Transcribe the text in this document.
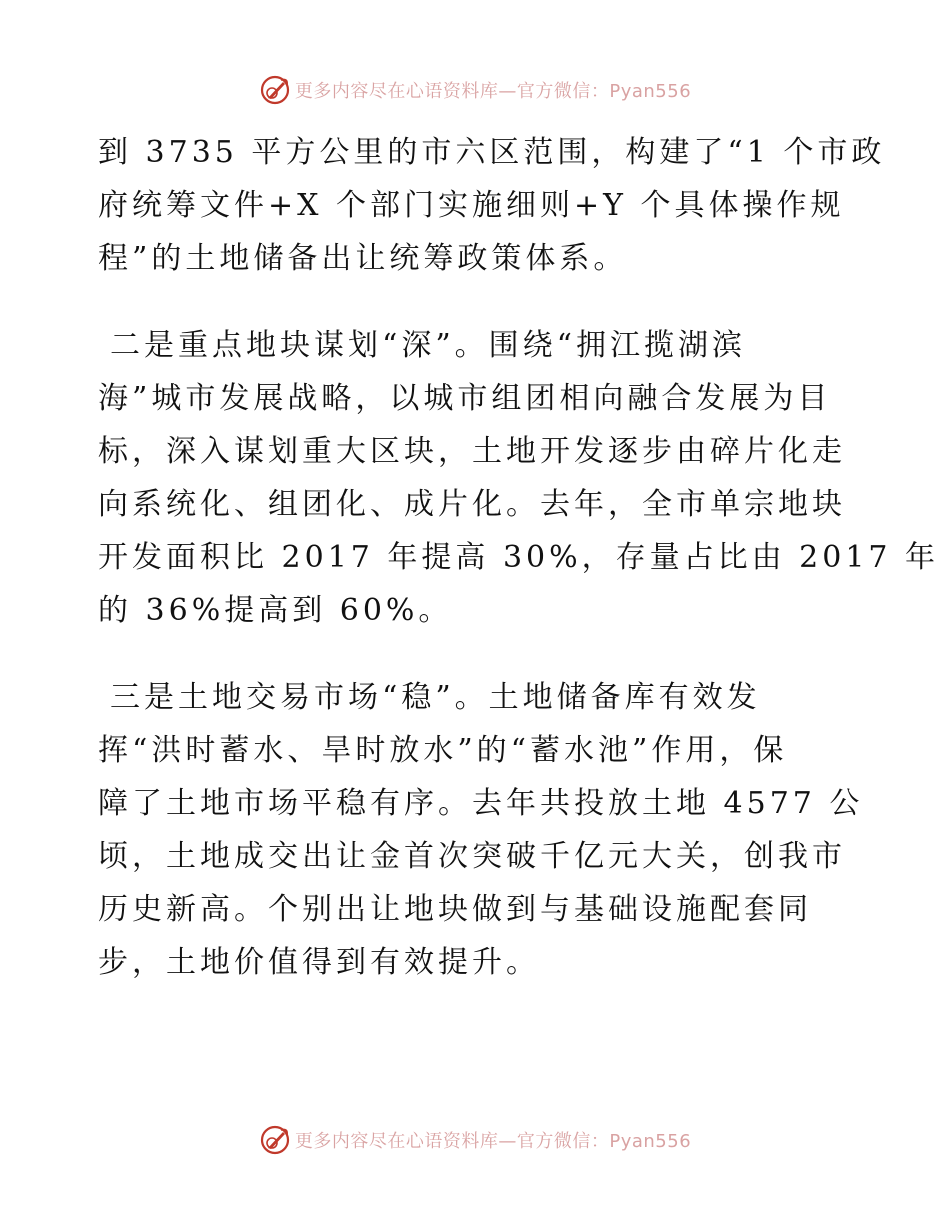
更多内容尽在心语资料库—官方微信：Pyan556
到 3735 平方公里的市六区范围，构建了“1 个市政
府统筹文件+X 个部门实施细则+Y 个具体操作规
程”的土地储备出让统筹政策体系。
二是重点地块谋划“深”。围绕“拥江揽湖滨
海”城市发展战略，以城市组团相向融合发展为目
标，深入谋划重大区块，土地开发逐步由碎片化走
向系统化、组团化、成片化。去年，全市单宗地块
开发面积比 2017 年提高 30%，存量占比由 2017 年
的 36%提高到 60%。
三是土地交易市场“稳”。土地储备库有效发
挥“洪时蓄水、旱时放水”的“蓄水池”作用，保
障了土地市场平稳有序。去年共投放土地 4577 公
顷，土地成交出让金首次突破千亿元大关，创我市
历史新高。个别出让地块做到与基础设施配套同
步，土地价值得到有效提升。
更多内容尽在心语资料库—官方微信：Pyan556
